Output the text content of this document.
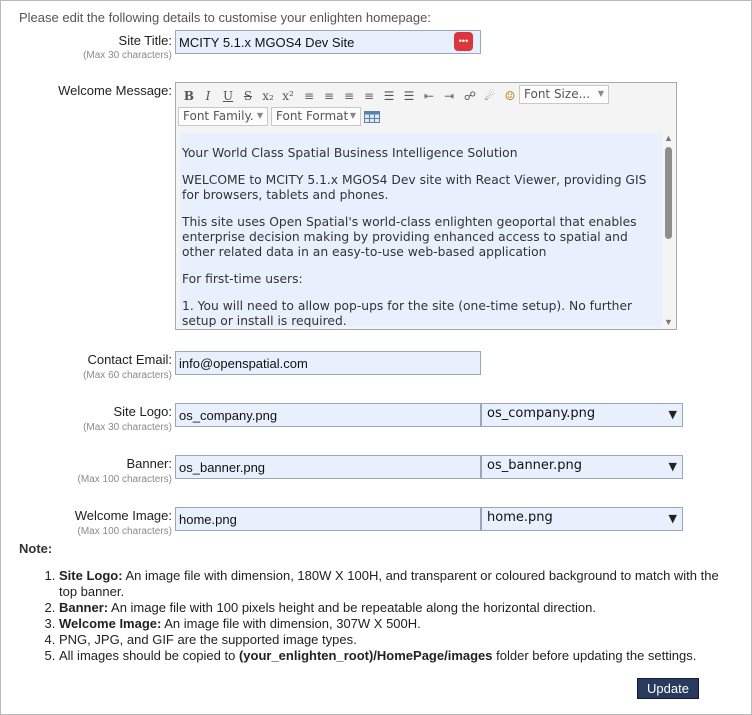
Please edit the following details to customise your enlighten homepage:
Site Title:
(Max 30 characters)
MCITY 5.1.x MGOS4 Dev Site
•••
Welcome Message: B I	U S x₂ x² ≡ ≡ ≡ ≡ ☰ ☰ ⇤ ⇥ ☍ ☄ ☺ Font Size... ▼
Font Family. ▼	Font Format ▼

Your World Class Spatial Business Intelligence Solution

WELCOME to MCITY 5.1.x MGOS4 Dev site with React Viewer, providing GIS for browsers, tablets and phones.

This site uses Open Spatial's world-class enlighten geoportal that enables enterprise decision making by providing enhanced access to spatial and other related data in an easy-to-use web-based application

For first-time users:

1. You will need to allow pop-ups for the site (one-time setup). No further setup or install is required.

▲
▼
Contact Email:
(Max 60 characters)
info@openspatial.com
Site Logo:
(Max 30 characters)
os_company.png
os_company.png	▼
Banner:
(Max 100 characters)
os_banner.png
os_banner.png	▼
Welcome Image:
(Max 100 characters)
home.png
home.png	▼
Note:
1. Site Logo: An image file with dimension, 180W X 100H, and transparent or coloured background to match with the top banner.
2. Banner: An image file with 100 pixels height and be repeatable along the horizontal direction.
3. Welcome Image: An image file with dimension, 307W X 500H.
4. PNG, JPG, and GIF are the supported image types.
5. All images should be copied to (your_enlighten_root)/HomePage/images folder before updating the settings.
Update
